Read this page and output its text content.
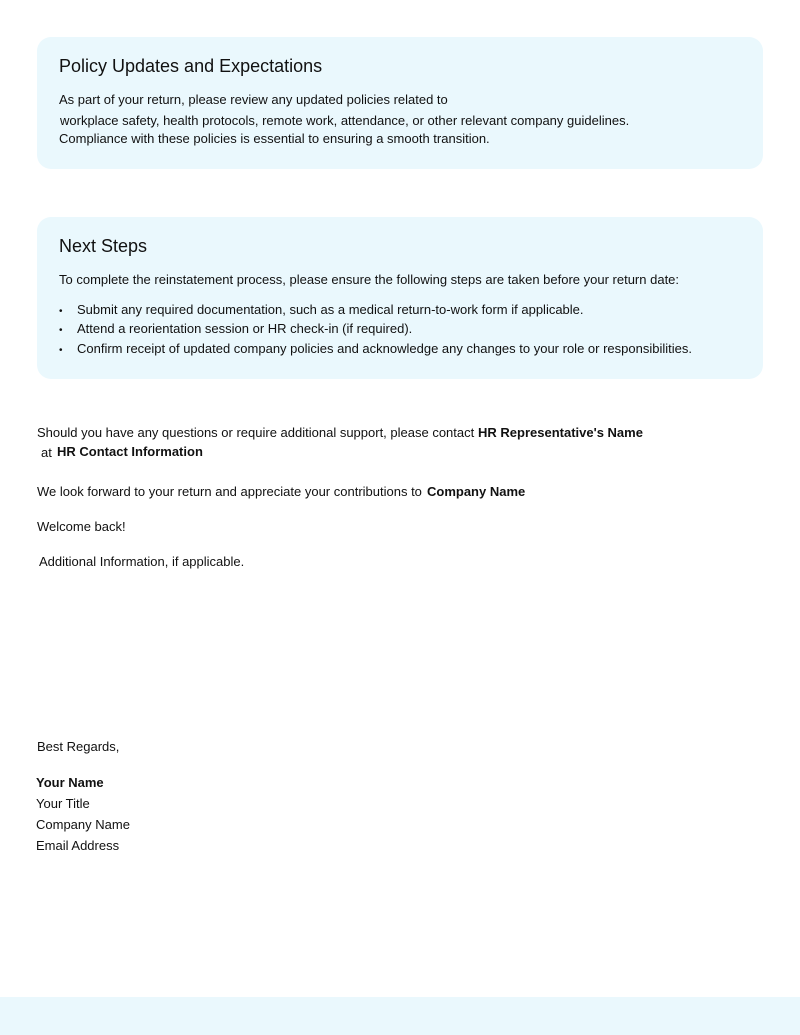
Policy Updates and Expectations

As part of your return, please review any updated policies related to

workplace safety, health protocols, remote work, attendance, or other relevant company guidelines.

Compliance with these policies is essential to ensuring a smooth transition.

Next Steps

To complete the reinstatement process, please ensure the following steps are taken before your return date:

• Submit any required documentation, such as a medical return-to-work form if applicable.
• Attend a reorientation session or HR check-in (if required).
• Confirm receipt of updated company policies and acknowledge any changes to your role or responsibilities.

Should you have any questions or require additional support, please contact HR Representative's Name

at HR Contact Information

We look forward to your return and appreciate your contributions to Company Name

Welcome back!

Additional Information, if applicable.

Best Regards,

Your Name

Your Title

Company Name

Email Address
